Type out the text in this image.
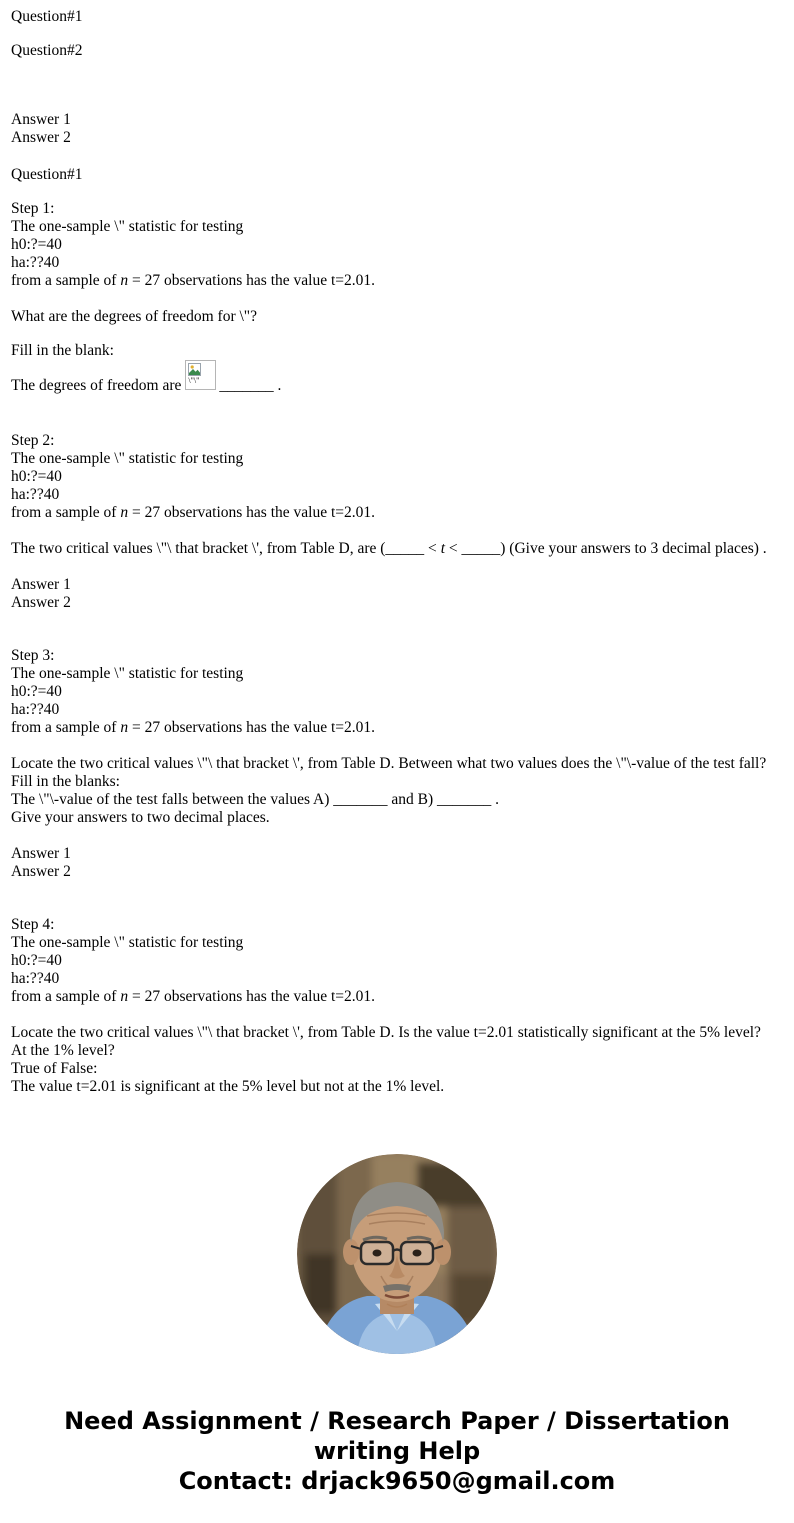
Question#1

Question#2

Answer 1

Answer 2

Question#1

Step 1:

The one-sample \" statistic for testing

h0:?=40

ha:??40

from a sample of n = 27 observations has the value t=2.01.

What are the degrees of freedom for \"?

Fill in the blank:

The degrees of freedom are \"\"	_______ .

Step 2:

The one-sample \" statistic for testing

h0:?=40

ha:??40

from a sample of n = 27 observations has the value t=2.01.

The two critical values \"\ that bracket \', from Table D, are (_____ < t < _____) (Give your answers to 3 decimal places) .

Answer 1

Answer 2

Step 3:

The one-sample \" statistic for testing

h0:?=40

ha:??40

from a sample of n = 27 observations has the value t=2.01.

Locate the two critical values \"\ that bracket \', from Table D. Between what two values does the \"\-value of the test fall?

Fill in the blanks:

The \"\-value of the test falls between the values A) _______ and B) _______ .

Give your answers to two decimal places.

Answer 1

Answer 2

Step 4:

The one-sample \" statistic for testing

h0:?=40

ha:??40

from a sample of n = 27 observations has the value t=2.01.

Locate the two critical values \"\ that bracket \', from Table D. Is the value t=2.01 statistically significant at the 5% level? At the 1% level?

True of False:

The value t=2.01 is significant at the 5% level but not at the 1% level.

Need Assignment / Research Paper / Dissertation
writing Help
Contact: drjack9650@gmail.com
